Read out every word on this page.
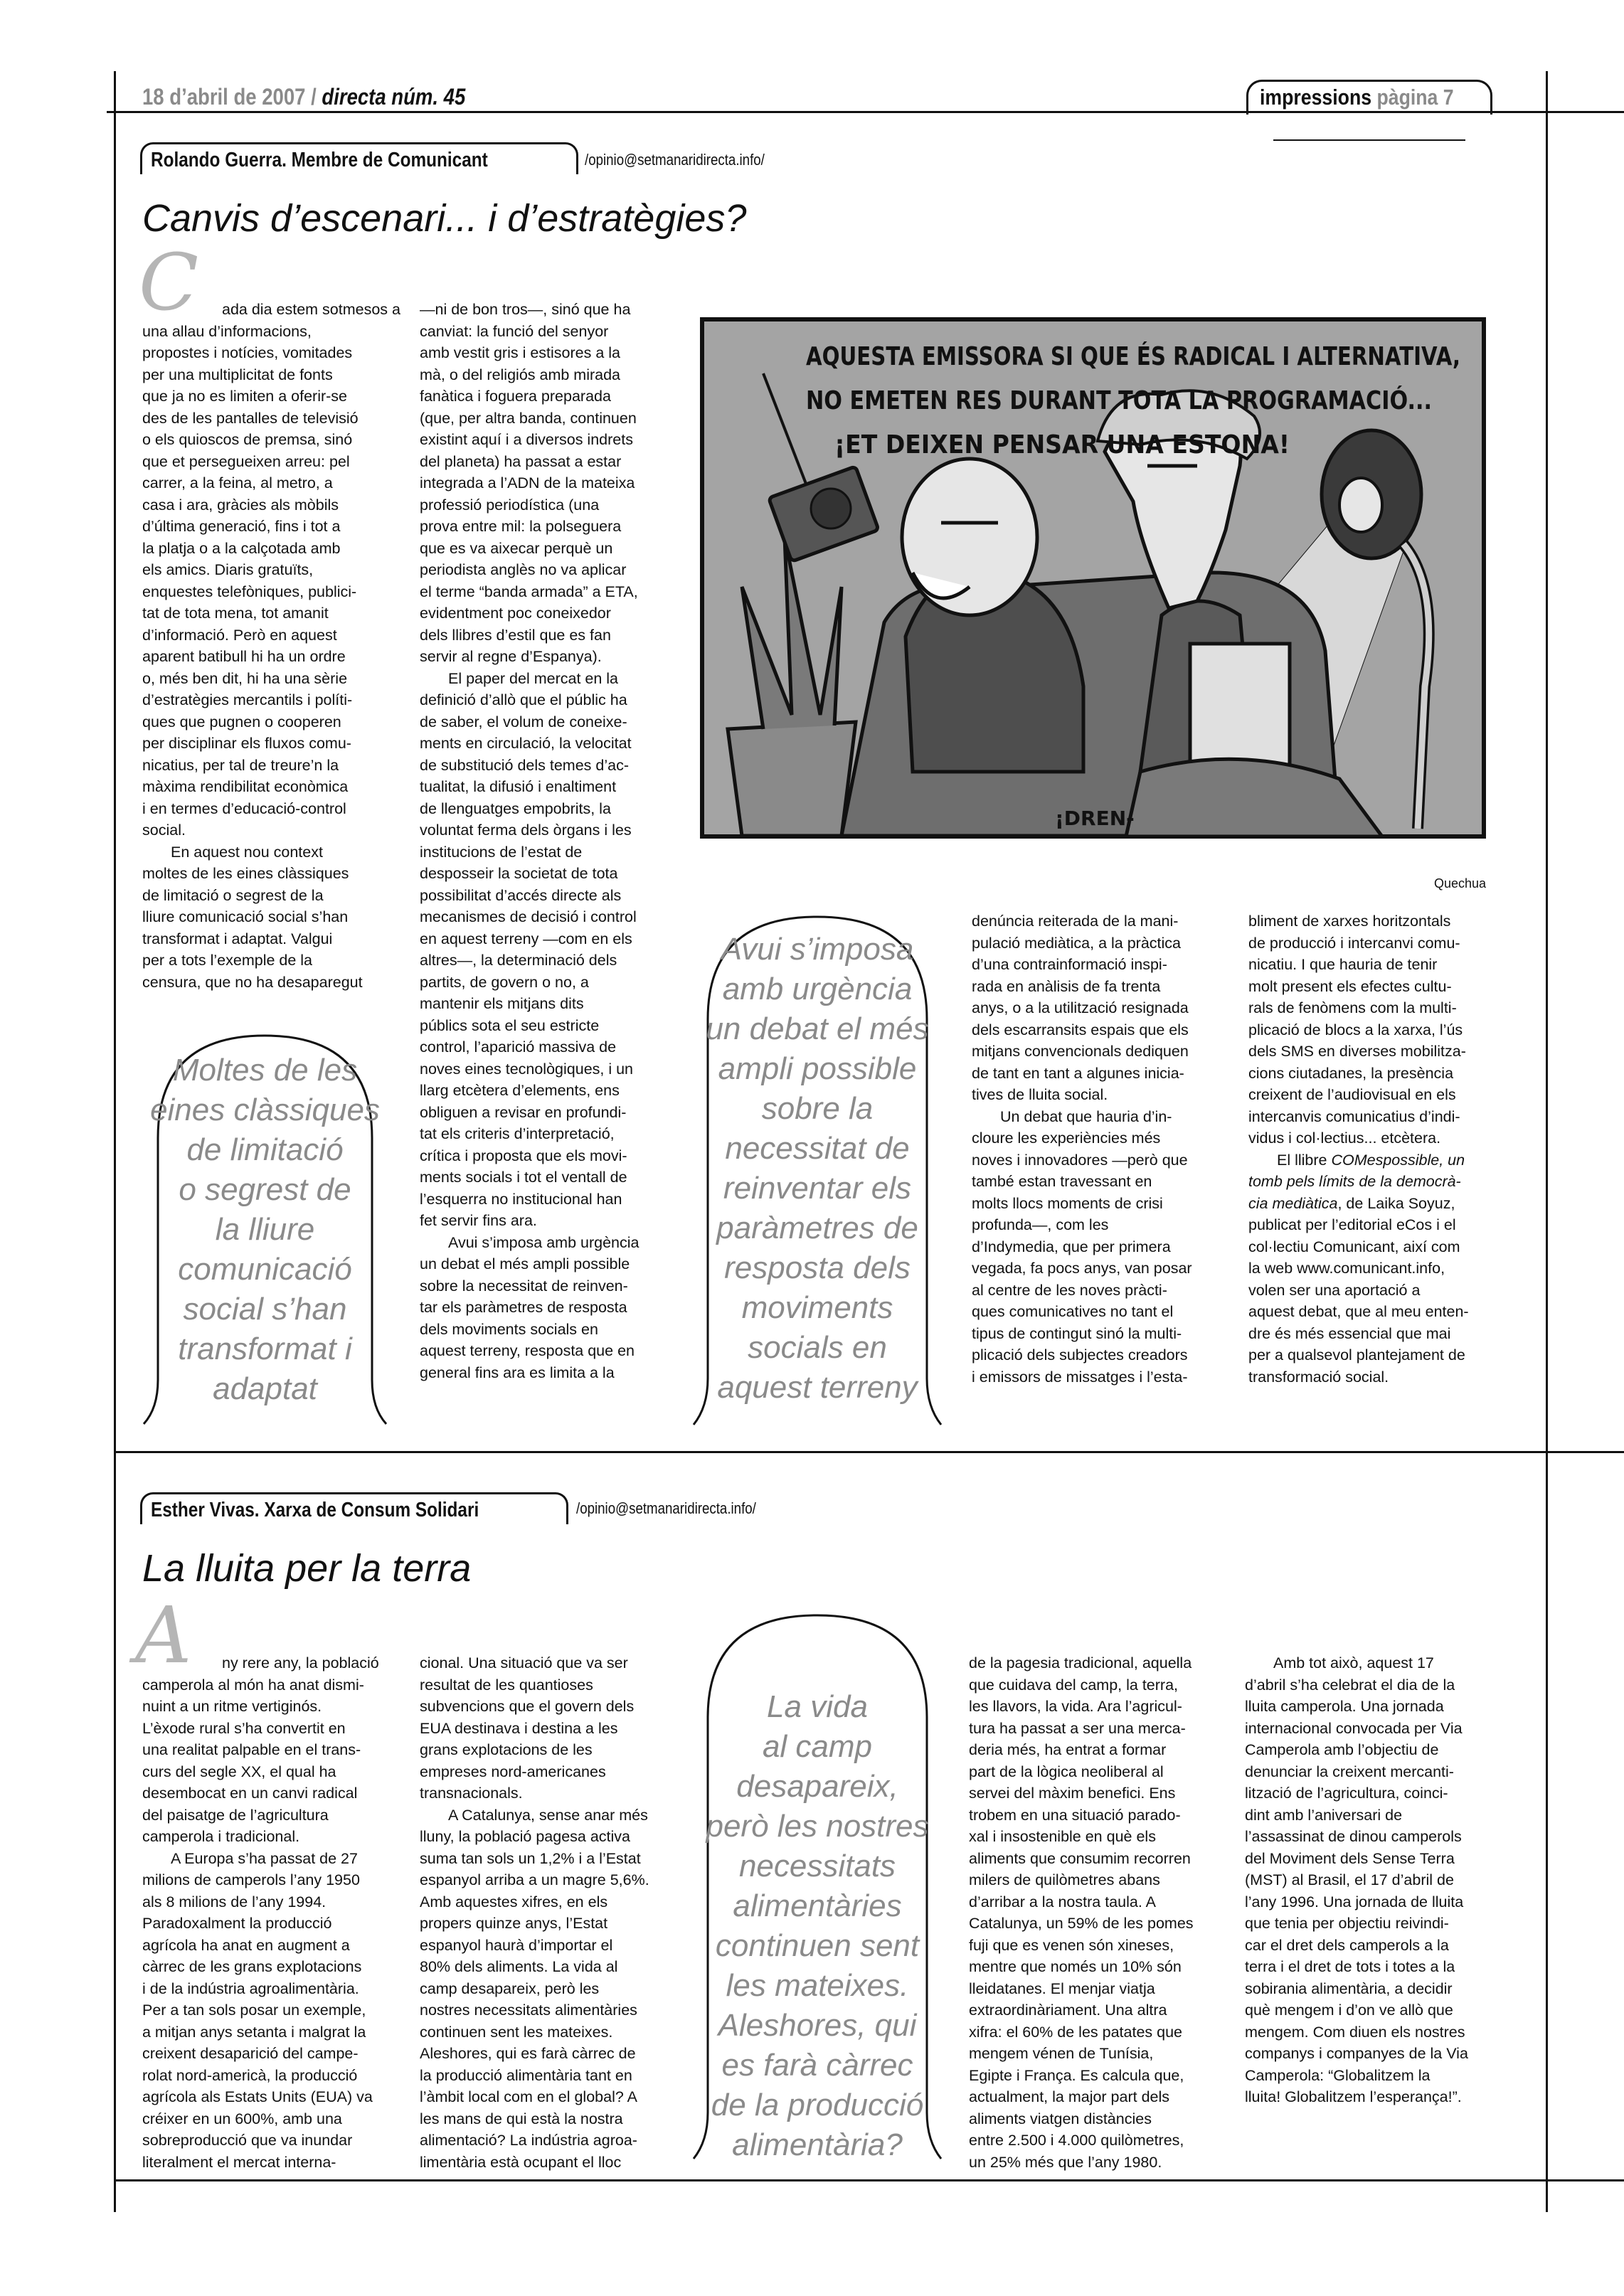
18 d’abril de 2007 / directa núm. 45	impressions pàgina 7
Rolando Guerra. Membre de Comunicant	/opinio@setmanaridirecta.info/
Canvis d’escenari... i d’estratègies?
C	ada dia estem sotmesos a
una allau d’informacions,
propostes i notícies, vomitades
per una multiplicitat de fonts
que ja no es limiten a oferir-se
des de les pantalles de televisió
o els quioscos de premsa, sinó
que et persegueixen arreu: pel
carrer, a la feina, al metro, a
casa i ara, gràcies als mòbils
d’última generació, fins i tot a
la platja o a la calçotada amb
els amics. Diaris gratuïts,
enquestes telefòniques, publici-
tat de tota mena, tot amanit
d’informació. Però en aquest
aparent batibull hi ha un ordre
o, més ben dit, hi ha una sèrie
d’estratègies mercantils i políti-
ques que pugnen o cooperen
per disciplinar els fluxos comu-
nicatius, per tal de treure’n la
màxima rendibilitat econòmica
i en termes d’educació-control
social.
En aquest nou context
moltes de les eines clàssiques
de limitació o segrest de la
lliure comunicació social s’han
transformat i adaptat. Valgui
per a tots l’exemple de la
censura, que no ha desaparegut
—ni de bon tros—, sinó que ha
canviat: la funció del senyor
amb vestit gris i estisores a la
mà, o del religiós amb mirada
fanàtica i foguera preparada
(que, per altra banda, continuen
existint aquí i a diversos indrets
del planeta) ha passat a estar
integrada a l’ADN de la mateixa
professió periodística (una
prova entre mil: la polseguera
que es va aixecar perquè un
periodista anglès no va aplicar
el terme “banda armada” a ETA,
evidentment poc coneixedor
dels llibres d’estil que es fan
servir al regne d’Espanya).
El paper del mercat en la
definició d’allò que el públic ha
de saber, el volum de coneixe-
ments en circulació, la velocitat
de substitució dels temes d’ac-
tualitat, la difusió i enaltiment
de llenguatges empobrits, la
voluntat ferma dels òrgans i les
institucions de l’estat de
desposseir la societat de tota
possibilitat d’accés directe als
mecanismes de decisió i control
en aquest terreny —com en els
altres—, la determinació dels
partits, de govern o no, a
mantenir els mitjans dits
públics sota el seu estricte
control, l’aparició massiva de
noves eines tecnològiques, i un
llarg etcètera d’elements, ens
obliguen a revisar en profundi-
tat els criteris d’interpretació,
crítica i proposta que els movi-
ments socials i tot el ventall de
l’esquerra no institucional han
fet servir fins ara.
Avui s’imposa amb urgència
un debat el més ampli possible
sobre la necessitat de reinven-
tar els paràmetres de resposta
dels moviments socials en
aquest terreny, resposta que en
general fins ara es limita a la
denúncia reiterada de la mani-
pulació mediàtica, a la pràctica
d’una contrainformació inspi-
rada en anàlisis de fa trenta
anys, o a la utilització resignada
dels escarransits espais que els
mitjans convencionals dediquen
de tant en tant a algunes inicia-
tives de lluita social.
Un debat que hauria d’in-
cloure les experiències més
noves i innovadores —però que
també estan travessant en
molts llocs moments de crisi
profunda—, com les
d’Indymedia, que per primera
vegada, fa pocs anys, van posar
al centre de les noves pràcti-
ques comunicatives no tant el
tipus de contingut sinó la multi-
plicació dels subjectes creadors
i emissors de missatges i l’esta-
bliment de xarxes horitzontals
de producció i intercanvi comu-
nicatiu. I que hauria de tenir
molt present els efectes cultu-
rals de fenòmens com la multi-
plicació de blocs a la xarxa, l’ús
dels SMS en diverses mobilitza-
cions ciutadanes, la presència
creixent de l’audiovisual en els
intercanvis comunicatius d’indi-
vidus i col·lectius... etcètera.
El llibre COMespossible, un
tomb pels límits de la democrà-
cia mediàtica, de Laika Soyuz,
publicat per l’editorial eCos i el
col·lectiu Comunicant, així com
la web www.comunicant.info,
volen ser una aportació a
aquest debat, que al meu enten-
dre és més essencial que mai
per a qualsevol plantejament de
transformació social.
Moltes de les
eines clàssiques
de limitació
o segrest de
la lliure
comunicació
social s’han
transformat i
adaptat
Avui s’imposa
amb urgència
un debat el més
ampli possible
sobre la
necessitat de
reinventar els
paràmetres de
resposta dels
moviments
socials en
aquest terreny
AQUESTA EMISSORA SI QUE ÉS RADICAL I ALTERNATIVA,
NO EMETEN RES DURANT TOTA LA PROGRAMACIÓ...
¡ET DEIXEN PENSAR UNA ESTONA!
¡DREN-
Quechua
Esther Vivas. Xarxa de Consum Solidari	/opinio@setmanaridirecta.info/
La lluita per la terra
A	ny rere any, la població
camperola al món ha anat dismi-
nuint a un ritme vertiginós.
L’èxode rural s’ha convertit en
una realitat palpable en el trans-
curs del segle XX, el qual ha
desembocat en un canvi radical
del paisatge de l’agricultura
camperola i tradicional.
A Europa s’ha passat de 27
milions de camperols l’any 1950
als 8 milions de l’any 1994.
Paradoxalment la producció
agrícola ha anat en augment a
càrrec de les grans explotacions
i de la indústria agroalimentària.
Per a tan sols posar un exemple,
a mitjan anys setanta i malgrat la
creixent desaparició del campe-
rolat nord-americà, la producció
agrícola als Estats Units (EUA) va
créixer en un 600%, amb una
sobreproducció que va inundar
literalment el mercat interna-
cional. Una situació que va ser
resultat de les quantioses
subvencions que el govern dels
EUA destinava i destina a les
grans explotacions de les
empreses nord-americanes
transnacionals.
A Catalunya, sense anar més
lluny, la població pagesa activa
suma tan sols un 1,2% i a l’Estat
espanyol arriba a un magre 5,6%.
Amb aquestes xifres, en els
propers quinze anys, l’Estat
espanyol haurà d’importar el
80% dels aliments. La vida al
camp desapareix, però les
nostres necessitats alimentàries
continuen sent les mateixes.
Aleshores, qui es farà càrrec de
la producció alimentària tant en
l’àmbit local com en el global? A
les mans de qui està la nostra
alimentació? La indústria agroa-
limentària està ocupant el lloc
de la pagesia tradicional, aquella
que cuidava del camp, la terra,
les llavors, la vida. Ara l’agricul-
tura ha passat a ser una merca-
deria més, ha entrat a formar
part de la lògica neoliberal al
servei del màxim benefici. Ens
trobem en una situació parado-
xal i insostenible en què els
aliments que consumim recorren
milers de quilòmetres abans
d’arribar a la nostra taula. A
Catalunya, un 59% de les pomes
fuji que es venen són xineses,
mentre que només un 10% són
lleidatanes. El menjar viatja
extraordinàriament. Una altra
xifra: el 60% de les patates que
mengem vénen de Tunísia,
Egipte i França. Es calcula que,
actualment, la major part dels
aliments viatgen distàncies
entre 2.500 i 4.000 quilòmetres,
un 25% més que l’any 1980.
Amb tot això, aquest 17
d’abril s’ha celebrat el dia de la
lluita camperola. Una jornada
internacional convocada per Via
Camperola amb l’objectiu de
denunciar la creixent mercanti-
lització de l’agricultura, coinci-
dint amb l’aniversari de
l’assassinat de dinou camperols
del Moviment dels Sense Terra
(MST) al Brasil, el 17 d’abril de
l’any 1996. Una jornada de lluita
que tenia per objectiu reivindi-
car el dret dels camperols a la
terra i el dret de tots i totes a la
sobirania alimentària, a decidir
què mengem i d’on ve allò que
mengem. Com diuen els nostres
companys i companyes de la Via
Camperola: “Globalitzem la
lluita! Globalitzem l’esperança!”.
La vida
al camp
desapareix,
però les nostres
necessitats
alimentàries
continuen sent
les mateixes.
Aleshores, qui
es farà càrrec
de la producció
alimentària?
